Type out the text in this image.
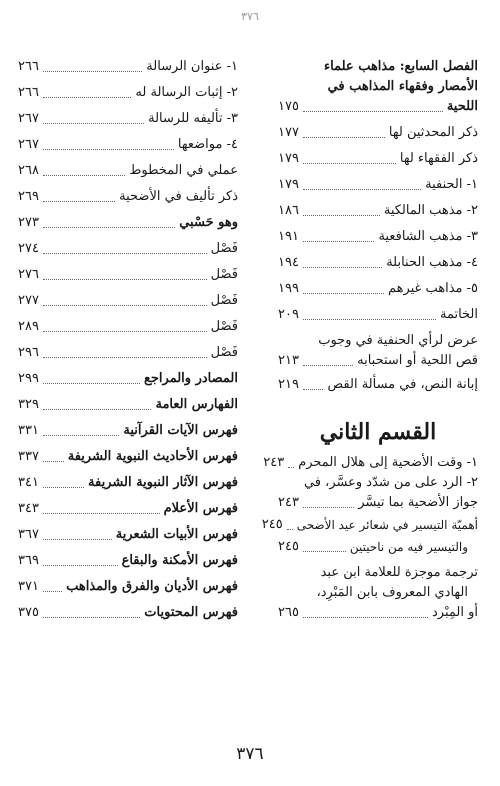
٣٧٦
الفصل السابع: مذاهب علماء
الأمصار وفقهاء المذاهب في
اللحية
١٧٥
ذكر المحدثين لها
١٧٧
ذكر الفقهاء لها
١٧٩
١- الحنفية
١٧٩
٢- مذهب المالكية
١٨٦
٣- مذهب الشافعية
١٩١
٤- مذهب الحنابلة
١٩٤
٥- مذاهب غيرهم
١٩٩
الخاتمة
٢٠٩
عرض لرأي الحنفية في وجوب
قص اللحية أو استحبابه
٢١٣
إبانة النص، في مسألة القص
٢١٩
القسم الثاني
١- وقت الأضحية إلى هلال المحرم
٢٤٣
٢- الرد على من شدّد وعسَّر، في
جواز الأضحية بما تيسَّر
٢٤٣
أهميّة التيسير في شعائر عيد الأضحى
٢٤٥
والتيسير فيه من ناحيتين
٢٤٥
ترجمة موجزة للعلامة ابن عبد
الهادي المعروف بابن المَبْرِد،
أو المِبْرد
٢٦٥
١- عنوان الرسالة
٢٦٦
٢- إثبات الرسالة له
٢٦٦
٣- تأليفه للرسالة
٢٦٧
٤- مواضعها
٢٦٧
عملي في المخطوط
٢٦٨
ذكر تأليف في الأضحية
٢٦٩
وهو حَسْبي
٢٧٣
فَصْل
٢٧٤
فَصْل
٢٧٦
فَصْل
٢٧٧
فَصْل
٢٨٩
فَصْل
٢٩٦
المصادر والمراجع
٢٩٩
الفهارس العامة
٣٢٩
فهرس الآيات القرآنية
٣٣١
فهرس الأحاديث النبوية الشريفة
٣٣٧
فهرس الآثار النبوية الشريفة
٣٤١
فهرس الأعلام
٣٤٣
فهرس الأبيات الشعرية
٣٦٧
فهرس الأمكنة والبقاع
٣٦٩
فهرس الأديان والفرق والمذاهب
٣٧١
فهرس المحتويات
٣٧٥
٣٧٦
